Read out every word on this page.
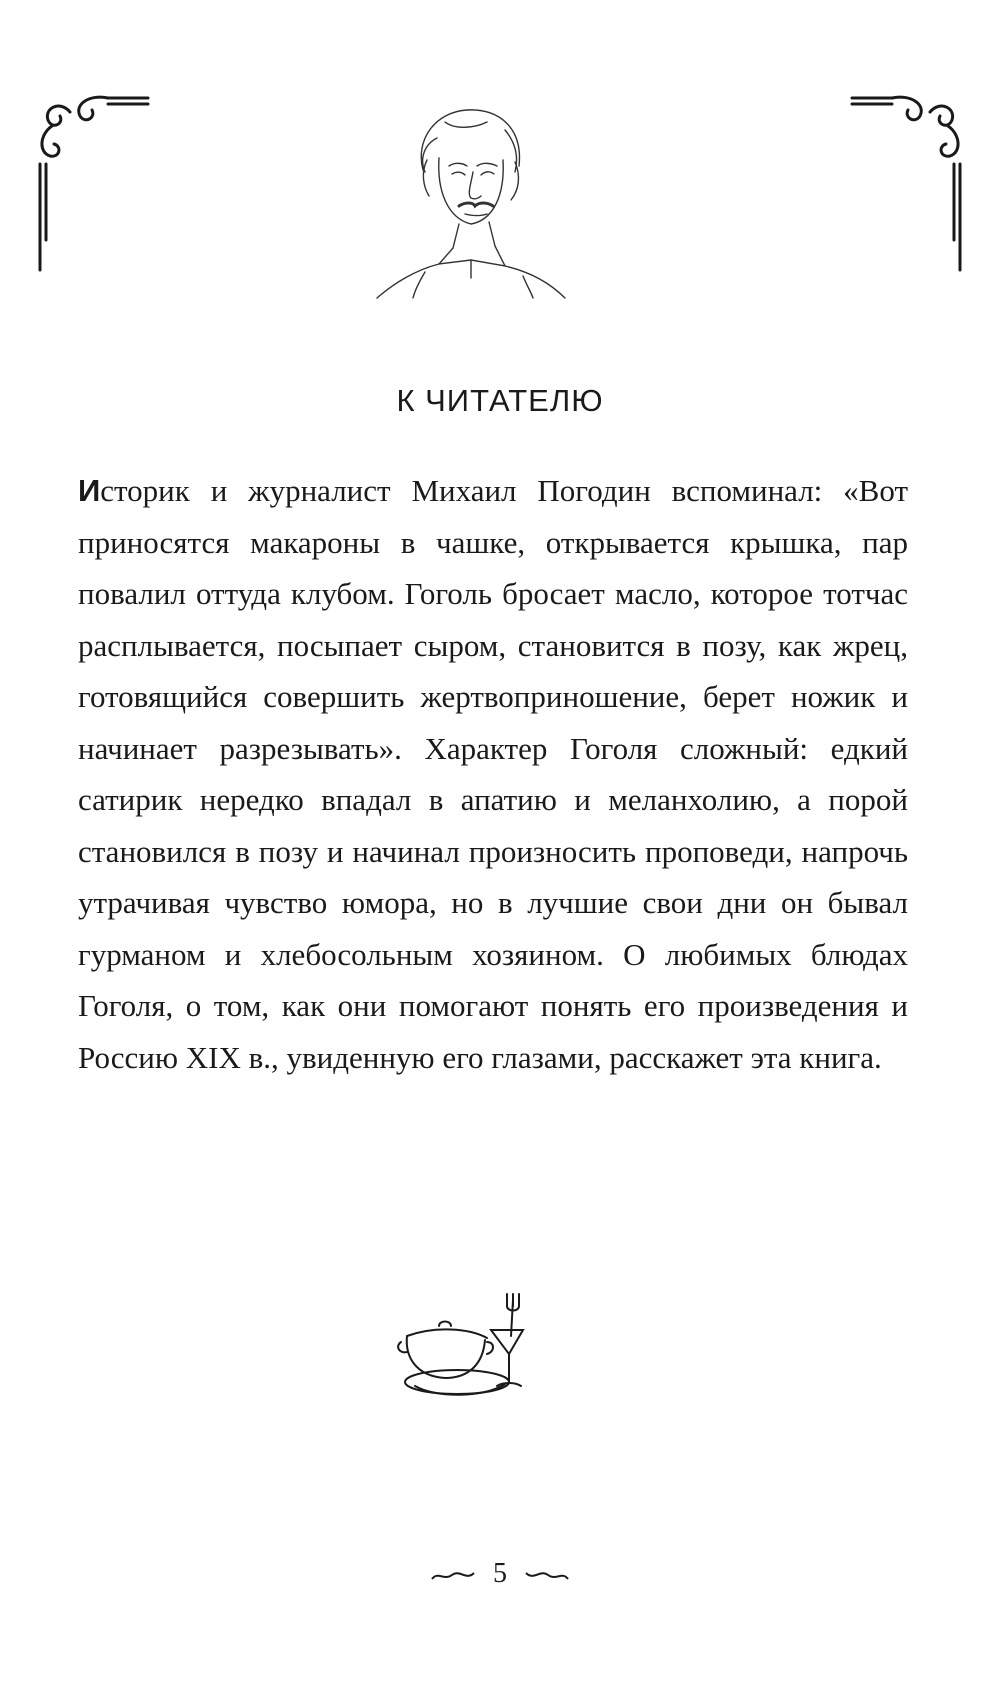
К ЧИТАТЕЛЮ
Историк и журналист Михаил Погодин вспоминал: «Вот приносятся макароны в чашке, открывается крышка, пар повалил оттуда клубом. Гоголь бросает масло, которое тотчас расплывается, посыпает сыром, становится в позу, как жрец, готовящийся совершить жертвоприношение, берет ножик и начинает разрезывать». Характер Гоголя сложный: едкий сатирик нередко впадал в апатию и меланхолию, а порой становился в позу и начинал произносить проповеди, напрочь утрачивая чувство юмора, но в лучшие свои дни он бывал гурманом и хлебосольным хозяином. О любимых блюдах Гоголя, о том, как они помогают понять его произведения и Россию XIX в., увиденную его глазами, расскажет эта книга.
5
